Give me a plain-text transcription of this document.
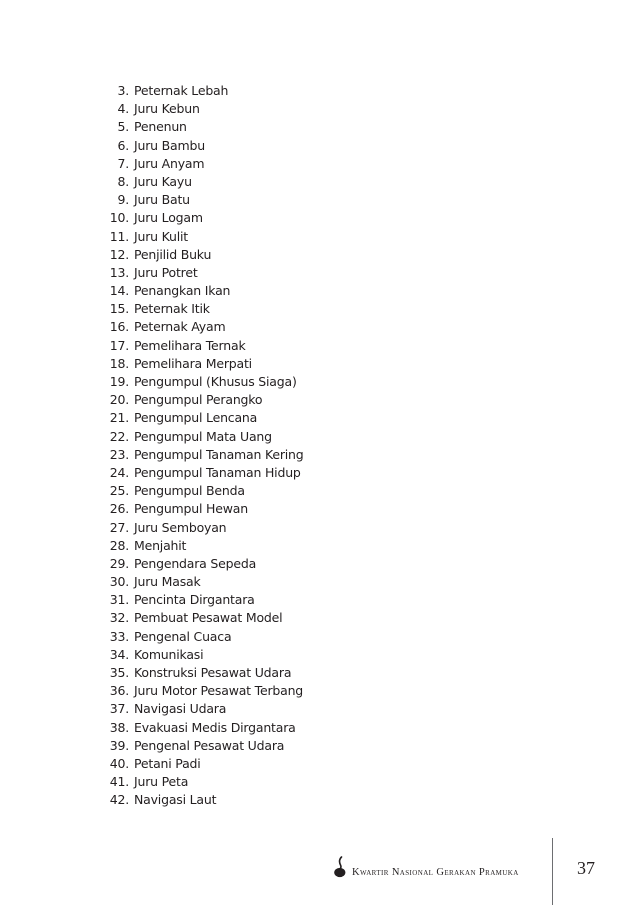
3. Peternak Lebah
4. Juru Kebun
5. Penenun
6. Juru Bambu
7. Juru Anyam
8. Juru Kayu
9. Juru Batu
10. Juru Logam
11. Juru Kulit
12. Penjilid Buku
13. Juru Potret
14. Penangkan Ikan
15. Peternak Itik
16. Peternak Ayam
17. Pemelihara Ternak
18. Pemelihara Merpati
19. Pengumpul (Khusus Siaga)
20. Pengumpul Perangko
21. Pengumpul Lencana
22. Pengumpul Mata Uang
23. Pengumpul Tanaman Kering
24. Pengumpul Tanaman Hidup
25. Pengumpul Benda
26. Pengumpul Hewan
27. Juru Semboyan
28. Menjahit
29. Pengendara Sepeda
30. Juru Masak
31. Pencinta Dirgantara
32. Pembuat Pesawat Model
33. Pengenal Cuaca
34. Komunikasi
35. Konstruksi Pesawat Udara
36. Juru Motor Pesawat Terbang
37. Navigasi Udara
38. Evakuasi Medis Dirgantara
39. Pengenal Pesawat Udara
40. Petani Padi
41. Juru Peta
42. Navigasi Laut
Kwartir Nasional Gerakan Pramuka	37
